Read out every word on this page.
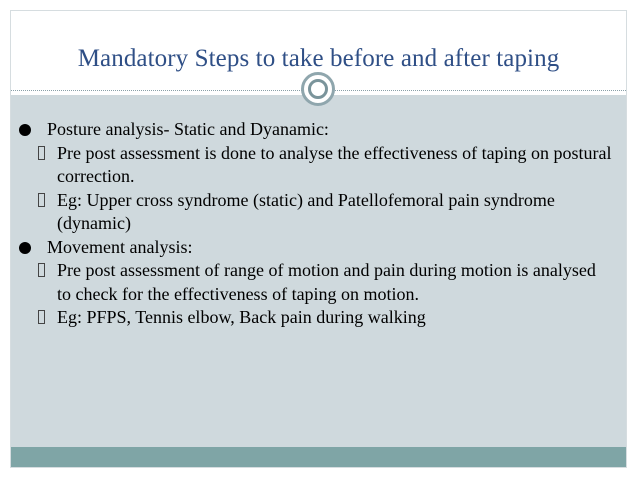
Mandatory Steps to take before and after taping
Posture analysis- Static and Dyanamic:
Pre post assessment is done to analyse the effectiveness of taping on postural correction.
Eg: Upper cross syndrome (static) and Patellofemoral pain syndrome (dynamic)
Movement analysis:
Pre post assessment of range of motion and pain during motion is analysed to check for the effectiveness of taping on motion.
Eg: PFPS, Tennis elbow, Back pain during walking
